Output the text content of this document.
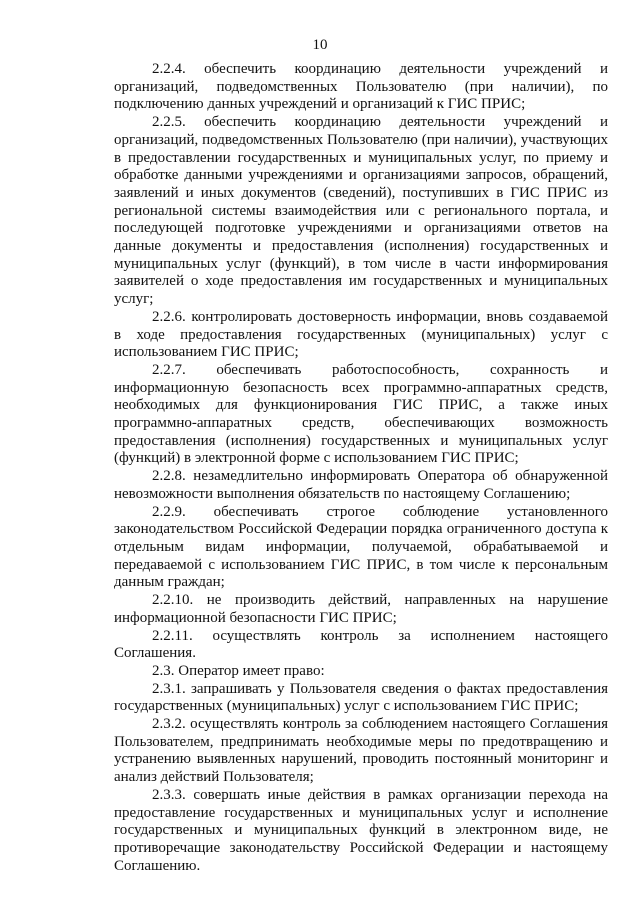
10

2.2.4. обеспечить координацию деятельности учреждений и организаций, подведомственных Пользователю (при наличии), по подключению данных учреждений и организаций к ГИС ПРИС;

2.2.5. обеспечить координацию деятельности учреждений и организаций, подведомственных Пользователю (при наличии), участвующих в предоставлении государственных и муниципальных услуг, по приему и обработке данными учреждениями и организациями запросов, обращений, заявлений и иных документов (сведений), поступивших в ГИС ПРИС из региональной системы взаимодействия или с регионального портала, и последующей подготовке учреждениями и организациями ответов на данные документы и предоставления (исполнения) государственных и муниципальных услуг (функций), в том числе в части информирования заявителей о ходе предоставления им государственных и муниципальных услуг;

2.2.6. контролировать достоверность информации, вновь создаваемой в ходе предоставления государственных (муниципальных) услуг с использованием ГИС ПРИС;

2.2.7. обеспечивать работоспособность, сохранность и информационную безопасность всех программно-аппаратных средств, необходимых для функционирования ГИС ПРИС, а также иных программно-аппаратных средств, обеспечивающих возможность предоставления (исполнения) государственных и муниципальных услуг (функций) в электронной форме с использованием ГИС ПРИС;

2.2.8. незамедлительно информировать Оператора об обнаруженной невозможности выполнения обязательств по настоящему Соглашению;

2.2.9. обеспечивать строгое соблюдение установленного законодательством Российской Федерации порядка ограниченного доступа к отдельным видам информации, получаемой, обрабатываемой и передаваемой с использованием ГИС ПРИС, в том числе к персональным данным граждан;

2.2.10. не производить действий, направленных на нарушение информационной безопасности ГИС ПРИС;

2.2.11. осуществлять контроль за исполнением настоящего Соглашения.

2.3. Оператор имеет право:

2.3.1. запрашивать у Пользователя сведения о фактах предоставления государственных (муниципальных) услуг с использованием ГИС ПРИС;

2.3.2. осуществлять контроль за соблюдением настоящего Соглашения Пользователем, предпринимать необходимые меры по предотвращению и устранению выявленных нарушений, проводить постоянный мониторинг и анализ действий Пользователя;

2.3.3. совершать иные действия в рамках организации перехода на предоставление государственных и муниципальных услуг и исполнение государственных и муниципальных функций в электронном виде, не противоречащие законодательству Российской Федерации и настоящему Соглашению.
